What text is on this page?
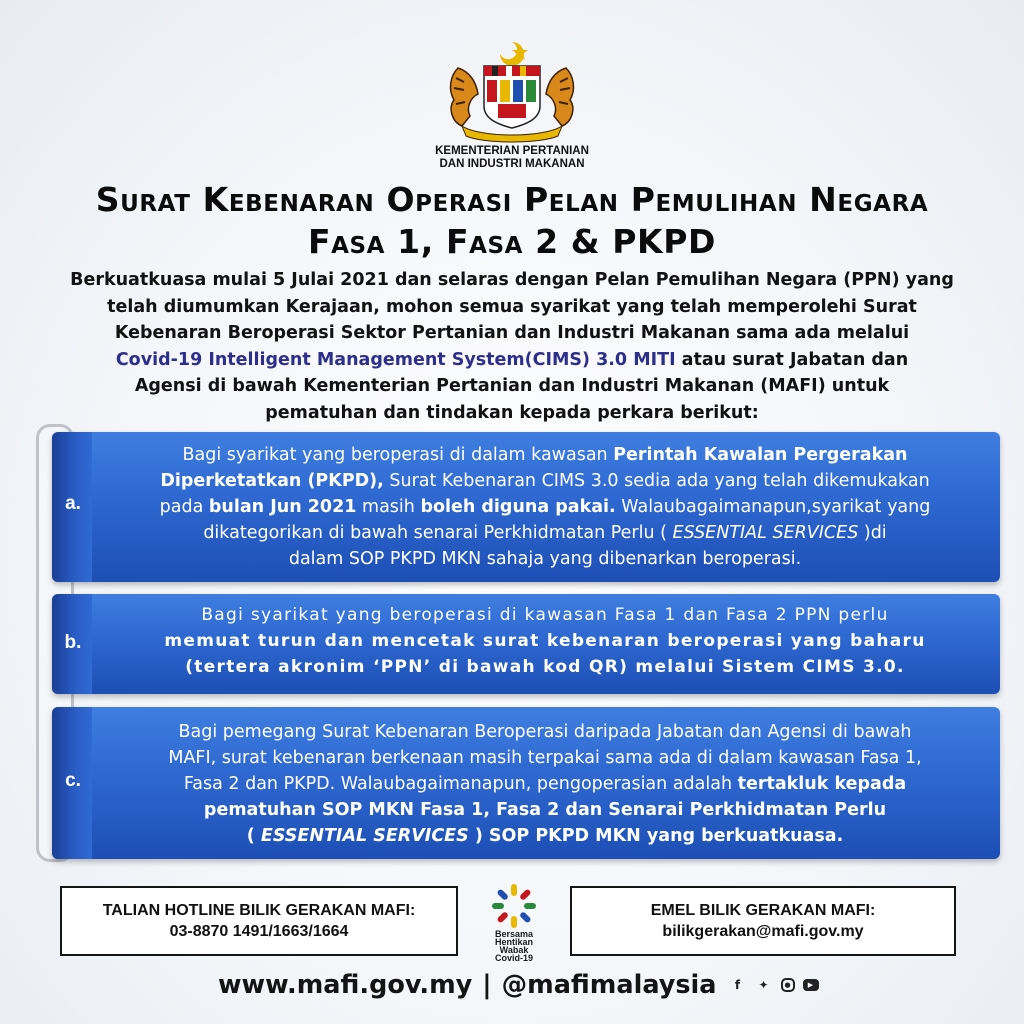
KEMENTERIAN PERTANIAN
DAN INDUSTRI MAKANAN
Surat Kebenaran Operasi Pelan Pemulihan Negara
Fasa 1, Fasa 2 & PKPD
Berkuatkuasa mulai 5 Julai 2021 dan selaras dengan Pelan Pemulihan Negara (PPN) yang
telah diumumkan Kerajaan, mohon semua syarikat yang telah memperolehi Surat
Kebenaran Beroperasi Sektor Pertanian dan Industri Makanan sama ada melalui
Covid-19 Intelligent Management System(CIMS) 3.0 MITI atau surat Jabatan dan
Agensi di bawah Kementerian Pertanian dan Industri Makanan (MAFI) untuk
pematuhan dan tindakan kepada perkara berikut:
a.
Bagi syarikat yang beroperasi di dalam kawasan Perintah Kawalan Pergerakan
Diperketatkan (PKPD), Surat Kebenaran CIMS 3.0 sedia ada yang telah dikemukakan
pada bulan Jun 2021 masih boleh diguna pakai. Walaubagaimanapun,syarikat yang
dikategorikan di bawah senarai Perkhidmatan Perlu ( ESSENTIAL SERVICES )di
dalam SOP PKPD MKN sahaja yang dibenarkan beroperasi.
b.
Bagi syarikat yang beroperasi di kawasan Fasa 1 dan Fasa 2 PPN perlu
memuat turun dan mencetak surat kebenaran beroperasi yang baharu
(tertera akronim ‘PPN’ di bawah kod QR) melalui Sistem CIMS 3.0.
c.
Bagi pemegang Surat Kebenaran Beroperasi daripada Jabatan dan Agensi di bawah
MAFI, surat kebenaran berkenaan masih terpakai sama ada di dalam kawasan Fasa 1,
Fasa 2 dan PKPD. Walaubagaimanapun, pengoperasian adalah tertakluk kepada
pematuhan SOP MKN Fasa 1, Fasa 2 dan Senarai Perkhidmatan Perlu
( ESSENTIAL SERVICES ) SOP PKPD MKN yang berkuatkuasa.
TALIAN HOTLINE BILIK GERAKAN MAFI:
03-8870 1491/1663/1664	Bersama
Hentikan
Wabak
Covid-19
EMEL BILIK GERAKAN MAFI:
bilikgerakan@mafi.gov.my
www.mafi.gov.my | @mafimalaysia	f	✦	●	▶
